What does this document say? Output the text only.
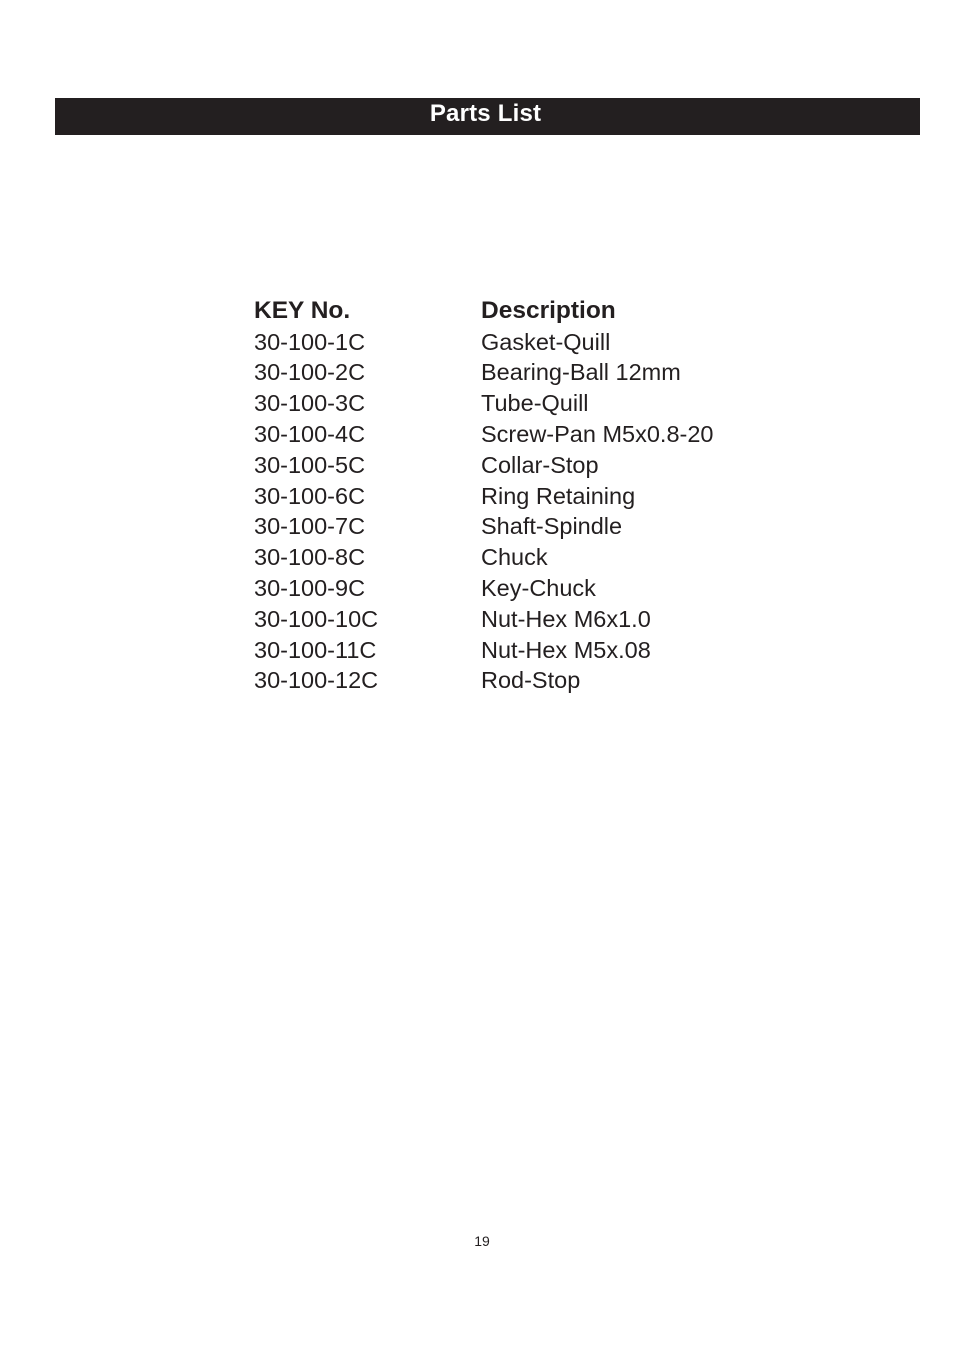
Parts List
KEY No.	Description
30-100-1C	Gasket-Quill
30-100-2C	Bearing-Ball 12mm
30-100-3C	Tube-Quill
30-100-4C	Screw-Pan M5x0.8-20
30-100-5C	Collar-Stop
30-100-6C	Ring Retaining
30-100-7C	Shaft-Spindle
30-100-8C	Chuck
30-100-9C	Key-Chuck
30-100-10C	Nut-Hex M6x1.0
30-100-11C	Nut-Hex M5x.08
30-100-12C	Rod-Stop
19
